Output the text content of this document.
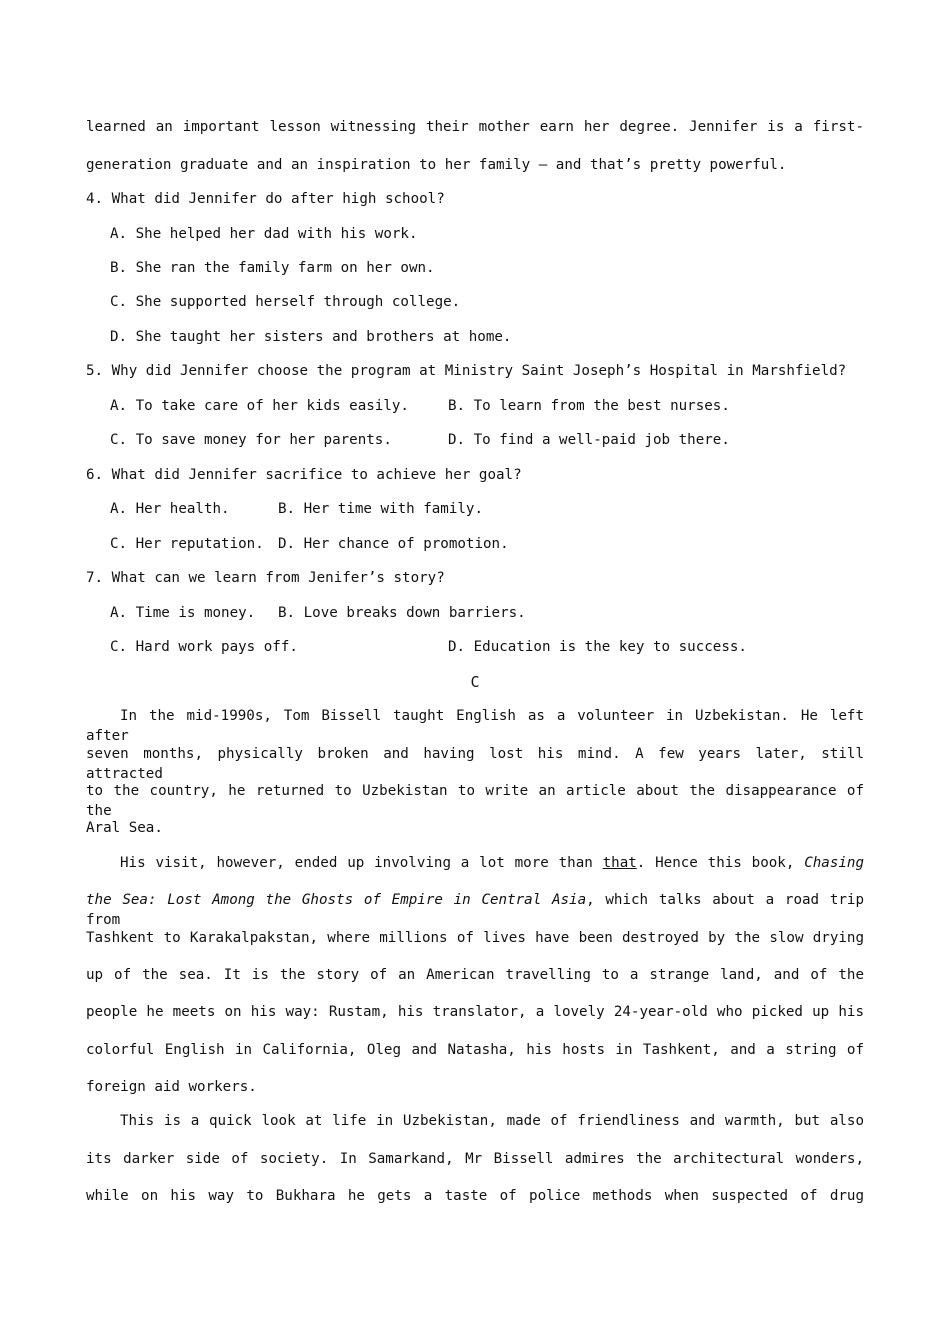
learned an important lesson witnessing their mother earn her degree. Jennifer is a first-
generation graduate and an inspiration to her family — and that’s pretty powerful.
4. What did Jennifer do after high school?
A. She helped her dad with his work.
B. She ran the family farm on her own.
C. She supported herself through college.
D. She taught her sisters and brothers at home.
5. Why did Jennifer choose the program at Ministry Saint Joseph’s Hospital in Marshfield?
A. To take care of her kids easily.	B. To learn from the best nurses.
C. To save money for her parents.	D. To find a well-paid job there.
6. What did Jennifer sacrifice to achieve her goal?
A. Her health.	B. Her time with family.
C. Her reputation. D. Her chance of promotion.
7. What can we learn from Jenifer’s story?
A. Time is money. B. Love breaks down barriers.
C. Hard work pays off.	D. Education is the key to success.
C
In the mid-1990s, Tom Bissell taught English as a volunteer in Uzbekistan. He left after
seven months, physically broken and having lost his mind. A few years later, still attracted
to the country, he returned to Uzbekistan to write an article about the disappearance of the
Aral Sea.
His visit, however, ended up involving a lot more than that. Hence this book, Chasing
the Sea: Lost Among the Ghosts of Empire in Central Asia, which talks about a road trip from
Tashkent to Karakalpakstan, where millions of lives have been destroyed by the slow drying
up of the sea. It is the story of an American travelling to a strange land, and of the
people he meets on his way: Rustam, his translator, a lovely 24-year-old who picked up his
colorful English in California, Oleg and Natasha, his hosts in Tashkent, and a string of
foreign aid workers.
This is a quick look at life in Uzbekistan, made of friendliness and warmth, but also
its darker side of society. In Samarkand, Mr Bissell admires the architectural wonders,
while on his way to Bukhara he gets a taste of police methods when suspected of drug
